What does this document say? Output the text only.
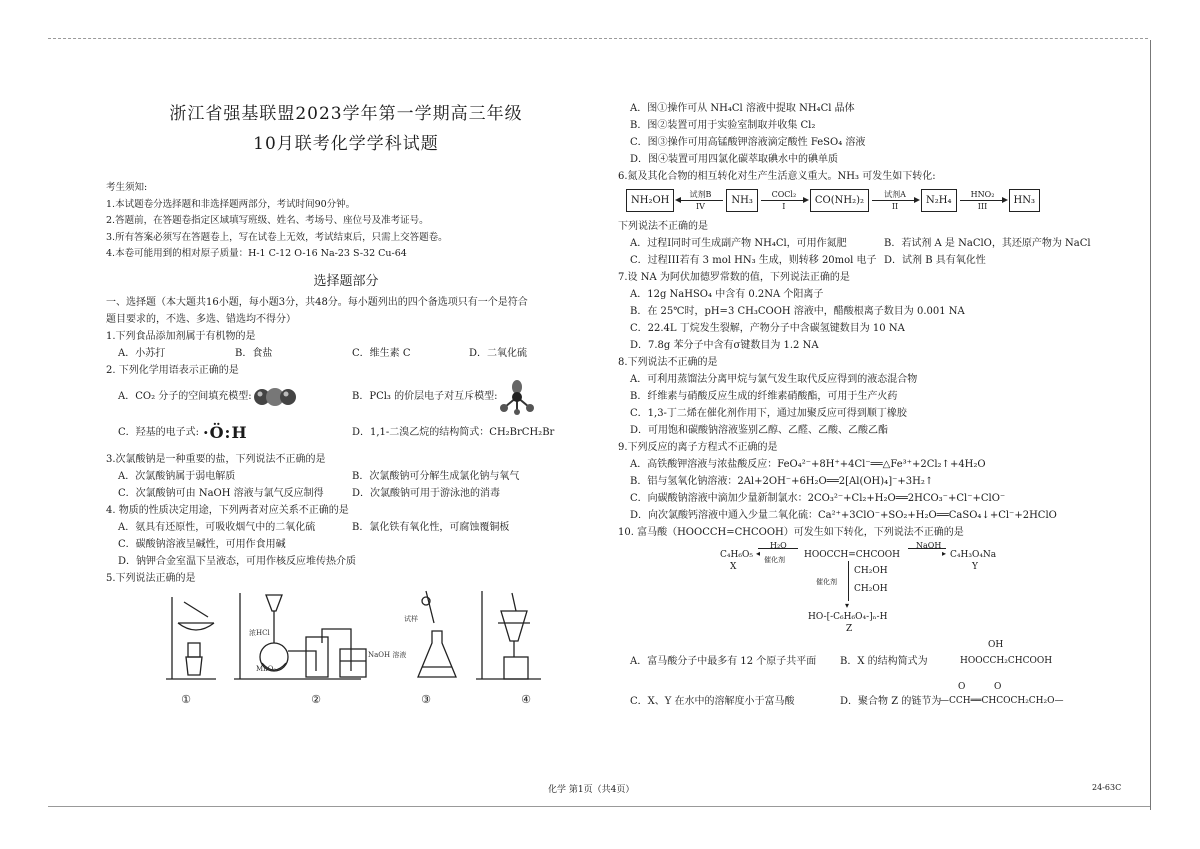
浙江省强基联盟2023学年第一学期高三年级
10月联考化学学科试题
考生须知:
1.本试题卷分选择题和非选择题两部分，考试时间90分钟。
2.答题前，在答题卷指定区域填写班级、姓名、考场号、座位号及准考证号。
3.所有答案必须写在答题卷上，写在试卷上无效，考试结束后，只需上交答题卷。
4.本卷可能用到的相对原子质量：H-1 C-12 O-16 Na-23 S-32 Cu-64
选择题部分
一、选择题（本大题共16小题，每小题3分，共48分。每小题列出的四个备选项只有一个是符合
题目要求的，不选、多选、错选均不得分）
1.下列食品添加剂属于有机物的是
A．小苏打	B．食盐	C．维生素 C	D．二氧化硫
2. 下列化学用语表示正确的是
A．CO₂ 分子的空间填充模型:	B．PCl₃ 的价层电子对互斥模型:
C．羟基的电子式: ·Ö:H	D．1,1-二溴乙烷的结构简式：CH₂BrCH₂Br
3.次氯酸钠是一种重要的盐，下列说法不正确的是
A．次氯酸钠属于弱电解质	B．次氯酸钠可分解生成氯化钠与氧气
C．次氯酸钠可由 NaOH 溶液与氯气反应制得	D．次氯酸钠可用于游泳池的消毒
4. 物质的性质决定用途，下列两者对应关系不正确的是
A．氨具有还原性，可吸收烟气中的二氧化硫	B．氯化铁有氧化性，可腐蚀覆铜板
C．碳酸钠溶液呈碱性，可用作食用碱
D．钠钾合金室温下呈液态，可用作核反应堆传热介质
5.下列说法正确的是
浓HCl
MnO₂
NaOH 溶液
试样
①	②	③	④
A．图①操作可从 NH₄Cl 溶液中提取 NH₄Cl 晶体
B．图②装置可用于实验室制取并收集 Cl₂
C．图③操作可用高锰酸钾溶液滴定酸性 FeSO₄ 溶液
D．图④装置可用四氯化碳萃取碘水中的碘单质
6.氮及其化合物的相互转化对生产生活意义重大。NH₃ 可发生如下转化:
NH₂OH
试剂B
IV
NH₃
COCl₂
I
CO(NH₂)₂
试剂A
II
N₂H₄
HNO₂
III
HN₃
下列说法不正确的是
A．过程I同时可生成副产物 NH₄Cl，可用作氮肥	B．若试剂 A 是 NaClO，其还原产物为 NaCl
C．过程III若有 3 mol HN₃ 生成，则转移 20mol 电子 D．试剂 B 具有氧化性
7.设 NA 为阿伏加德罗常数的值，下列说法正确的是
A．12g NaHSO₄ 中含有 0.2NA 个阳离子
B．在 25℃时，pH=3 CH₃COOH 溶液中，醋酸根离子数目为 0.001 NA
C．22.4L 丁烷发生裂解，产物分子中含碳氢键数目为 10 NA
D．7.8g 苯分子中含有σ键数目为 1.2 NA
8.下列说法不正确的是
A．可利用蒸馏法分离甲烷与氯气发生取代反应得到的液态混合物
B．纤维素与硝酸反应生成的纤维素硝酸酯，可用于生产火药
C．1,3-丁二烯在催化剂作用下，通过加聚反应可得到顺丁橡胶
D．可用饱和碳酸钠溶液鉴别乙醇、乙醛、乙酸、乙酸乙酯
9.下列反应的离子方程式不正确的是
A．高铁酸钾溶液与浓盐酸反应：FeO₄²⁻+8H⁺+4Cl⁻══△Fe³⁺+2Cl₂↑+4H₂O
B．铝与氢氧化钠溶液：2Al+2OH⁻+6H₂O══2[Al(OH)₄]⁻+3H₂↑
C．向碳酸钠溶液中滴加少量新制氯水：2CO₃²⁻+Cl₂+H₂O══2HCO₃⁻+Cl⁻+ClO⁻
D．向次氯酸钙溶液中通入少量二氧化硫：Ca²⁺+3ClO⁻+SO₂+H₂O══CaSO₄↓+Cl⁻+2HClO
10. 富马酸（HOOCCH=CHCOOH）可发生如下转化，下列说法不正确的是
C₄H₆O₅
X
H₂O
◂
催化剂 HOOCCH=CHCOOH
NaOH
▸ C₄H₃O₄Na
Y
▾
催化剂
CH₂OH
CH₂OH
HO-[-C₆H₆O₄-]ₙ-H
Z
A．富马酸分子中最多有 12 个原子共平面	B．X 的结构简式为
OH
HOOCCH₂CHCOOH
C．X、Y 在水中的溶解度小于富马酸	D．聚合物 Z 的链节为
O          O
—CCH══CHCOCH₂CH₂O—
化学 第1页（共4页）	24-63C
